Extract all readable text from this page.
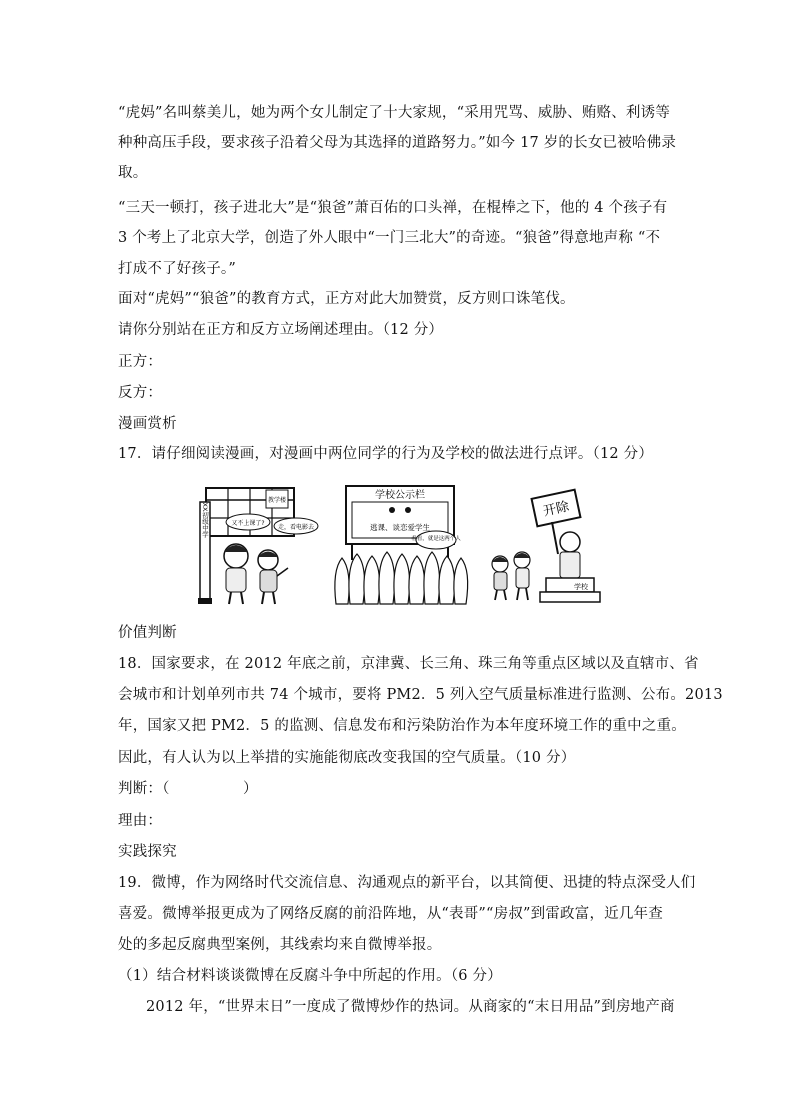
“虎妈”名叫蔡美儿，她为两个女儿制定了十大家规，“采用咒骂、威胁、贿赂、利诱等
种种高压手段，要求孩子沿着父母为其选择的道路努力。”如今 17 岁的长女已被哈佛录
取。
“三天一顿打，孩子进北大”是“狼爸”萧百佑的口头禅，在棍棒之下，他的 4 个孩子有
3 个考上了北京大学，创造了外人眼中“一门三北大”的奇迹。“狼爸”得意地声称 “不
打成不了好孩子。”
面对“虎妈”“狼爸”的教育方式，正方对此大加赞赏，反方则口诛笔伐。
请你分别站在正方和反方立场阐述理由。（12 分）
正方：
反方：
漫画赏析
17．请仔细阅读漫画，对漫画中两位同学的行为及学校的做法进行点评。（12 分）
教学楼
XX初级中学	又不上课了?
走，看电影去
学校公示栏
逃课、谈恋爱学生
看看，就是这两个人
开除
学校
价值判断
18．国家要求，在 2012 年底之前，京津冀、长三角、珠三角等重点区域以及直辖市、省
会城市和计划单列市共 74 个城市，要将 PM2．5 列入空气质量标准进行监测、公布。2013
年，国家又把 PM2．5 的监测、信息发布和污染防治作为本年度环境工作的重中之重。
因此，有人认为以上举措的实施能彻底改变我国的空气质量。（10 分）
判断：（　　　　　）
理由：
实践探究
19．微博，作为网络时代交流信息、沟通观点的新平台，以其简便、迅捷的特点深受人们
喜爱。微博举报更成为了网络反腐的前沿阵地，从“表哥”“房叔”到雷政富，近几年查
处的多起反腐典型案例，其线索均来自微博举报。
（1）结合材料谈谈微博在反腐斗争中所起的作用。（6 分）
2012 年，“世界末日”一度成了微博炒作的热词。从商家的“末日用品”到房地产商
